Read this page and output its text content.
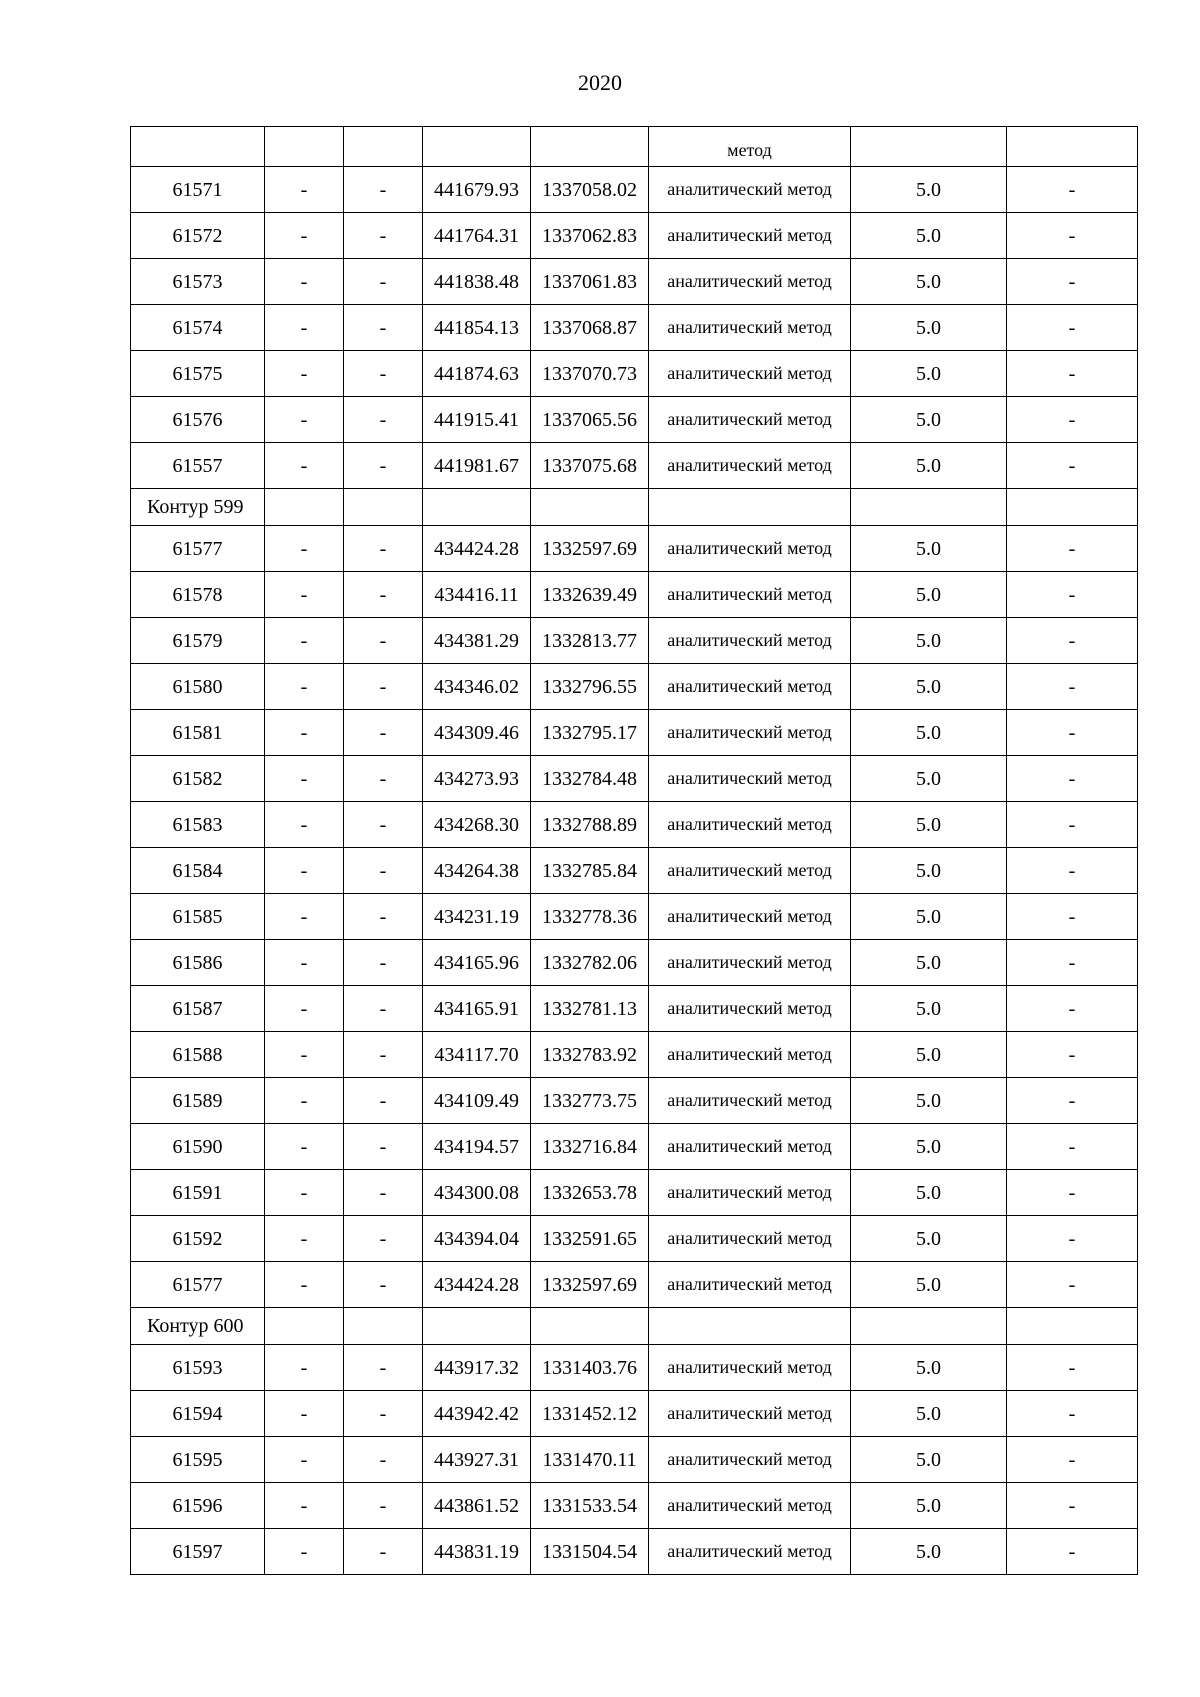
2020
					метод		
61571	-	-	441679.93	1337058.02	аналитический метод	5.0	-
61572	-	-	441764.31	1337062.83	аналитический метод	5.0	-
61573	-	-	441838.48	1337061.83	аналитический метод	5.0	-
61574	-	-	441854.13	1337068.87	аналитический метод	5.0	-
61575	-	-	441874.63	1337070.73	аналитический метод	5.0	-
61576	-	-	441915.41	1337065.56	аналитический метод	5.0	-
61557	-	-	441981.67	1337075.68	аналитический метод	5.0	-
Контур 599							
61577	-	-	434424.28	1332597.69	аналитический метод	5.0	-
61578	-	-	434416.11	1332639.49	аналитический метод	5.0	-
61579	-	-	434381.29	1332813.77	аналитический метод	5.0	-
61580	-	-	434346.02	1332796.55	аналитический метод	5.0	-
61581	-	-	434309.46	1332795.17	аналитический метод	5.0	-
61582	-	-	434273.93	1332784.48	аналитический метод	5.0	-
61583	-	-	434268.30	1332788.89	аналитический метод	5.0	-
61584	-	-	434264.38	1332785.84	аналитический метод	5.0	-
61585	-	-	434231.19	1332778.36	аналитический метод	5.0	-
61586	-	-	434165.96	1332782.06	аналитический метод	5.0	-
61587	-	-	434165.91	1332781.13	аналитический метод	5.0	-
61588	-	-	434117.70	1332783.92	аналитический метод	5.0	-
61589	-	-	434109.49	1332773.75	аналитический метод	5.0	-
61590	-	-	434194.57	1332716.84	аналитический метод	5.0	-
61591	-	-	434300.08	1332653.78	аналитический метод	5.0	-
61592	-	-	434394.04	1332591.65	аналитический метод	5.0	-
61577	-	-	434424.28	1332597.69	аналитический метод	5.0	-
Контур 600							
61593	-	-	443917.32	1331403.76	аналитический метод	5.0	-
61594	-	-	443942.42	1331452.12	аналитический метод	5.0	-
61595	-	-	443927.31	1331470.11	аналитический метод	5.0	-
61596	-	-	443861.52	1331533.54	аналитический метод	5.0	-
61597	-	-	443831.19	1331504.54	аналитический метод	5.0	-
